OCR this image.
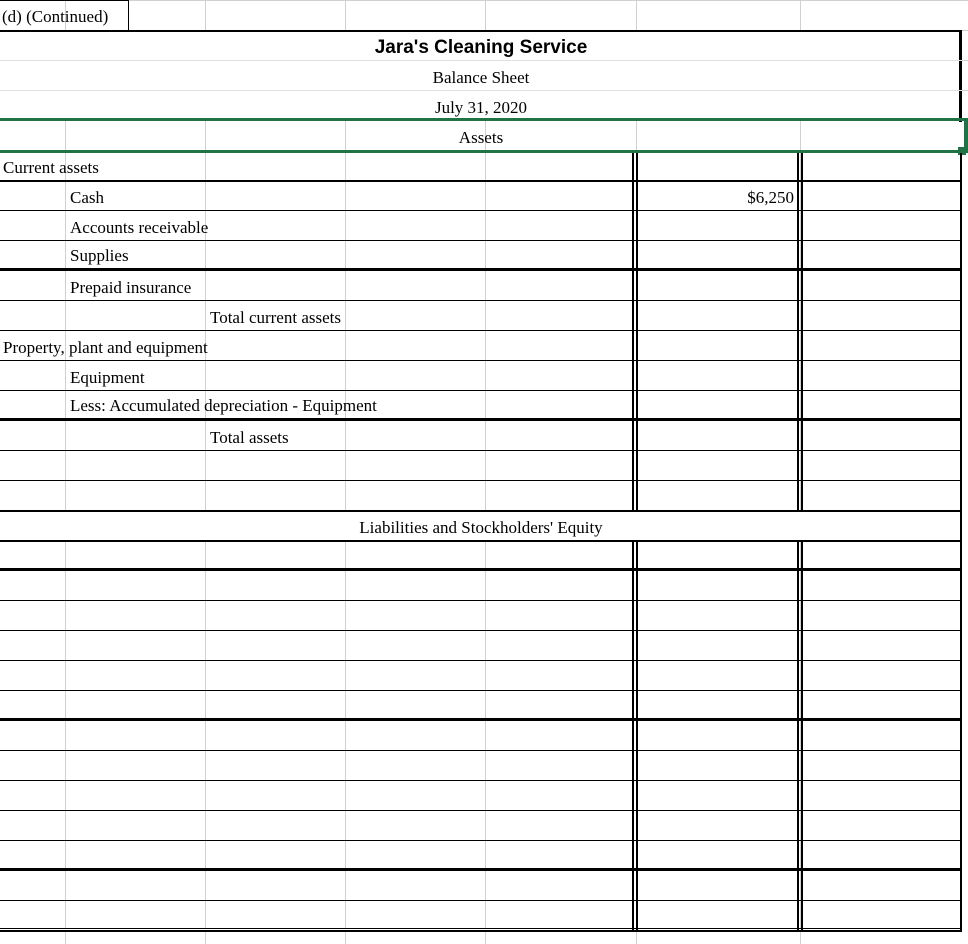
(d) (Continued)
Jara's Cleaning Service
Balance Sheet
July 31, 2020
Assets
Current assets
Cash	$6,250
Accounts receivable
Supplies
Prepaid insurance
Total current assets
Property, plant and equipment
Equipment
Less: Accumulated depreciation - Equipment
Total assets
Liabilities and Stockholders' Equity
